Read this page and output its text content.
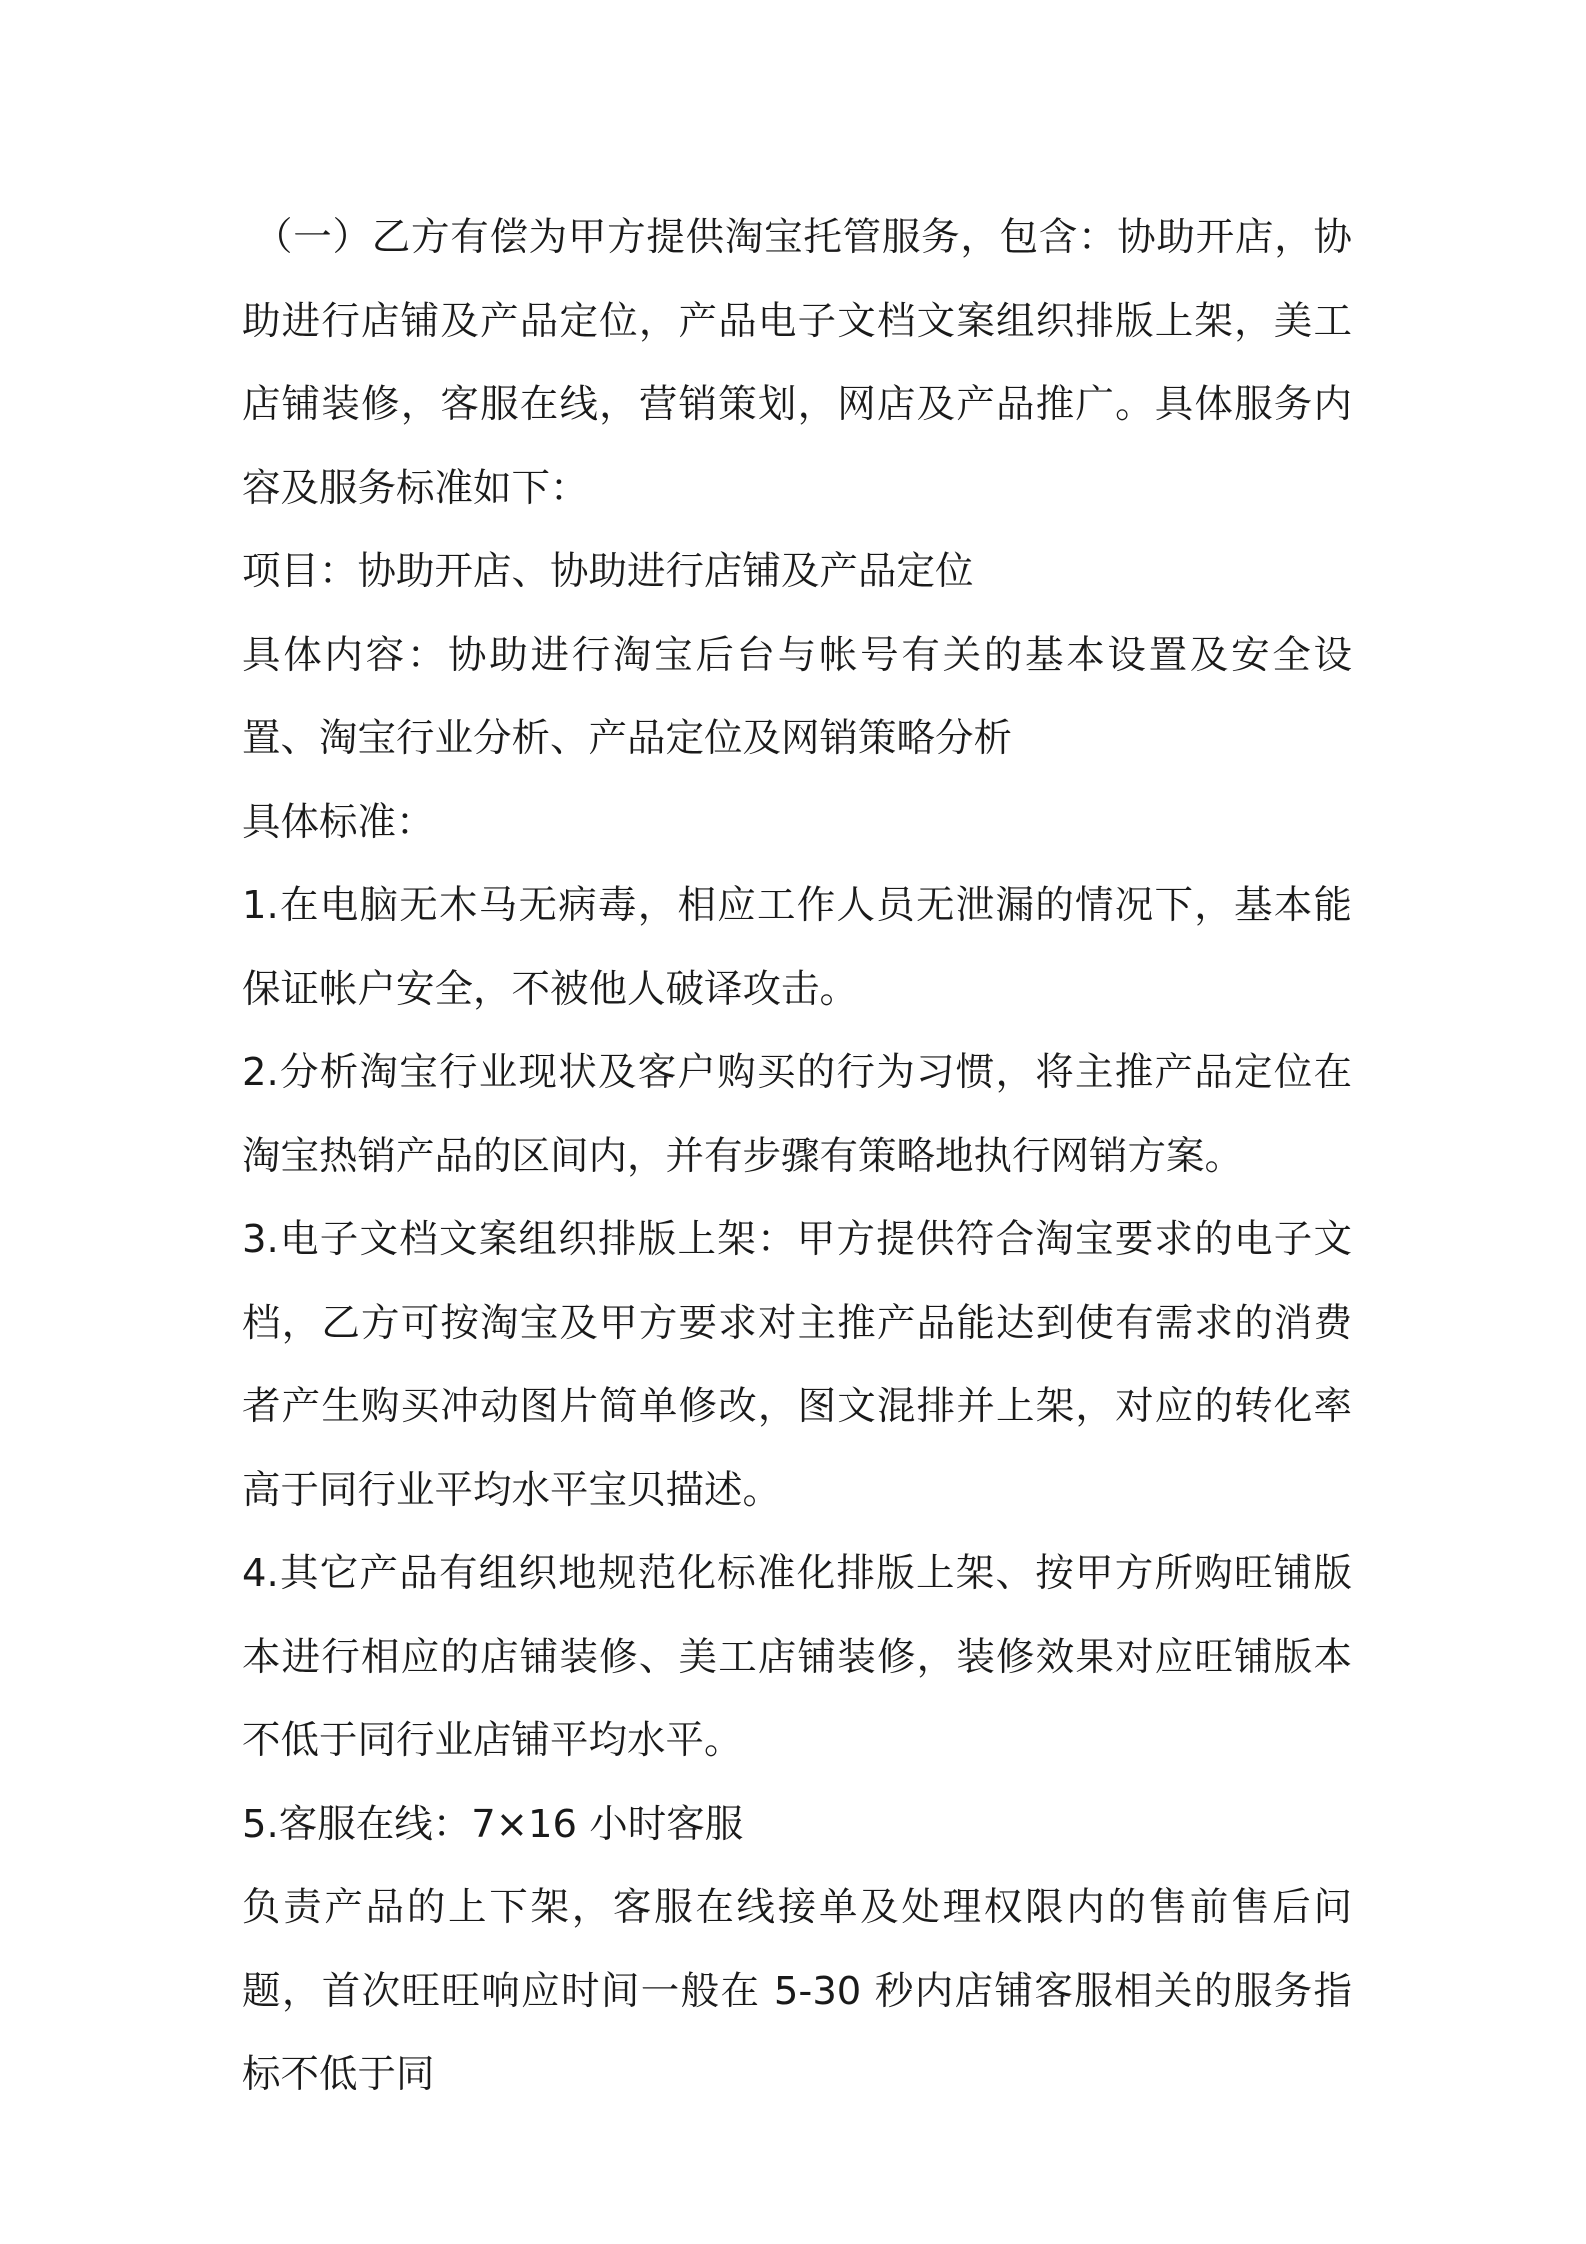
（一）乙方有偿为甲方提供淘宝托管服务，包含：协助开店，协助进行店铺及产品定位，产品电子文档文案组织排版上架，美工店铺装修，客服在线，营销策划，网店及产品推广。具体服务内容及服务标准如下：

项目：协助开店、协助进行店铺及产品定位

具体内容：协助进行淘宝后台与帐号有关的基本设置及安全设置、淘宝行业分析、产品定位及网销策略分析

具体标准：

1.在电脑无木马无病毒，相应工作人员无泄漏的情况下，基本能保证帐户安全，不被他人破译攻击。

2.分析淘宝行业现状及客户购买的行为习惯，将主推产品定位在淘宝热销产品的区间内，并有步骤有策略地执行网销方案。

3.电子文档文案组织排版上架：甲方提供符合淘宝要求的电子文档，乙方可按淘宝及甲方要求对主推产品能达到使有需求的消费者产生购买冲动图片简单修改，图文混排并上架，对应的转化率高于同行业平均水平宝贝描述。

4.其它产品有组织地规范化标准化排版上架、按甲方所购旺铺版本进行相应的店铺装修、美工店铺装修，装修效果对应旺铺版本不低于同行业店铺平均水平。

5.客服在线：7×16 小时客服

负责产品的上下架，客服在线接单及处理权限内的售前售后问题，首次旺旺响应时间一般在 5-30 秒内店铺客服相关的服务指标不低于同
